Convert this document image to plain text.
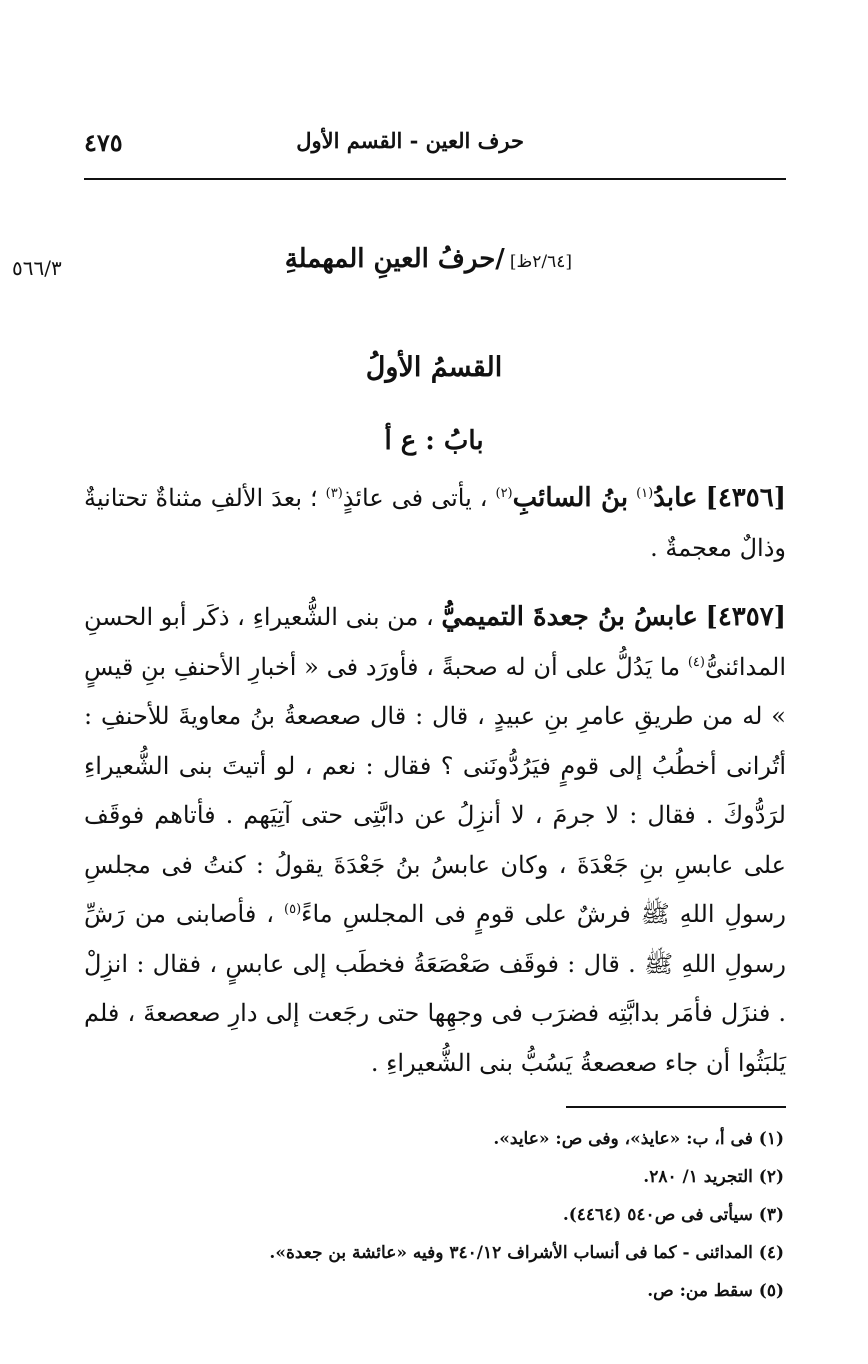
٤٧٥	حرف العين - القسم الأول
٥٦٦/٣	[٢/٦٤ظ] /حرفُ العينِ المهملةِ
القسمُ الأولُ
بابُ : ع أ

[٤٣٥٦] عابدُ$^{(١)}$ بنُ السائبِ$^{(٢)}$ ، يأتى فى عائذٍ$^{(٣)}$ ؛ بعدَ الألفِ مثناةٌ تحتانيةٌ وذالٌ معجمةٌ .

[٤٣٥٧] عابسُ بنُ جعدةَ التميميُّ ، من بنى الشُّعيراءِ ، ذكَر أبو الحسنِ المدائنىُّ$^{(٤)}$ ما يَدُلُّ على أن له صحبةً ، فأورَد فى « أخبارِ الأحنفِ بنِ قيسٍ » له من طريقِ عامرِ بنِ عبيدٍ ، قال : قال صعصعةُ بنُ معاويةَ للأحنفِ : أتُرانى أخطُبُ إلى قومٍ فيَرُدُّونَنى ؟ فقال : نعم ، لو أتيتَ بنى الشُّعيراءِ لرَدُّوكَ . فقال : لا جرمَ ، لا أنزِلُ عن دابَّتِى حتى آتِيَهم . فأتاهم فوقَف على عابسِ بنِ جَعْدَةَ ، وكان عابسُ بنُ جَعْدَةَ يقولُ : كنتُ فى مجلسِ رسولِ اللهِ ﷺ فرشٌ على قومٍ فى المجلسِ ماءً$^{(٥)}$ ، فأصابنى من رَشِّ رسولِ اللهِ ﷺ . قال : فوقَف صَعْصَعَةُ فخطَب إلى عابسٍ ، فقال : انزِلْ . فنزَل فأمَر بدابَّتِه فضرَب فى وجهِها حتى رجَعت إلى دارِ صعصعةَ ، فلم يَلبَثُوا أن جاء صعصعةُ يَسُبُّ بنى الشُّعيراءِ .

(١) فى أ، ب: «عايذ»، وفى ص: «عايد».
(٢) التجريد ١/ ٢٨٠.
(٣) سيأتى فى ص٥٤٠ (٤٤٦٤).
(٤) المدائنى - كما فى أنساب الأشراف ٣٤٠/١٢ وفيه «عائشة بن جعدة».
(٥) سقط من: ص.
